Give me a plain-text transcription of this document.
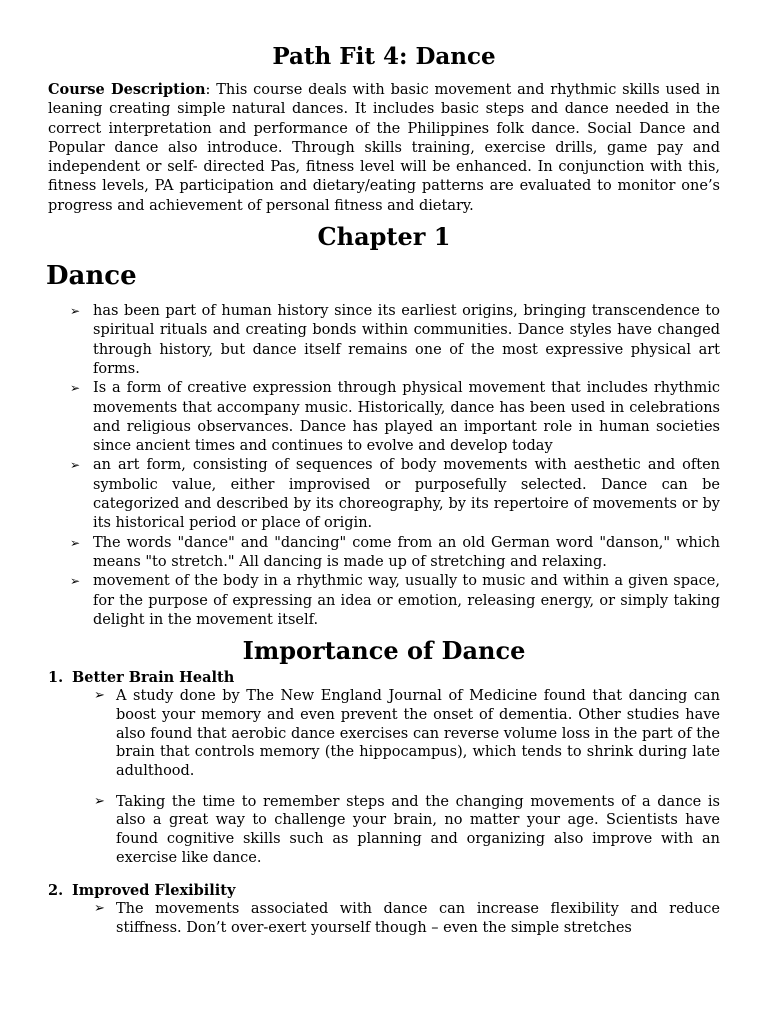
Path Fit 4: Dance

Course Description: This course deals with basic movement and rhythmic skills used in leaning creating simple natural dances. It includes basic steps and dance needed in the correct interpretation and performance of the Philippines folk dance. Social Dance and Popular dance also introduce. Through skills training, exercise drills, game pay and independent or self- directed Pas, fitness level will be enhanced. In conjunction with this, fitness levels, PA participation and dietary/eating patterns are evaluated to monitor one’s progress and achievement of personal fitness and dietary.

Chapter 1
Dance
➢ has been part of human history since its earliest origins, bringing transcendence to spiritual rituals and creating bonds within communities. Dance styles have changed through history, but dance itself remains one of the most expressive physical art forms.
➢ Is a form of creative expression through physical movement that includes rhythmic movements that accompany music. Historically, dance has been used in celebrations and religious observances. Dance has played an important role in human societies since ancient times and continues to evolve and develop today
➢ an art form, consisting of sequences of body movements with aesthetic and often symbolic value, either improvised or purposefully selected. Dance can be categorized and described by its choreography, by its repertoire of movements or by its historical period or place of origin.
➢ The words "dance" and "dancing" come from an old German word "danson," which means "to stretch." All dancing is made up of stretching and relaxing.
➢ movement of the body in a rhythmic way, usually to music and within a given space, for the purpose of expressing an idea or emotion, releasing energy, or simply taking delight in the movement itself.
Importance of Dance

1. Better Brain Health

➢ A study done by The New England Journal of Medicine found that dancing can boost your memory and even prevent the onset of dementia. Other studies have also found that aerobic dance exercises can reverse volume loss in the part of the brain that controls memory (the hippocampus), which tends to shrink during late adulthood.
➢ Taking the time to remember steps and the changing movements of a dance is also a great way to challenge your brain, no matter your age. Scientists have found cognitive skills such as planning and organizing also improve with an exercise like dance.

2. Improved Flexibility

➢ The movements associated with dance can increase flexibility and reduce stiffness. Don’t over-exert yourself though – even the simple stretches
